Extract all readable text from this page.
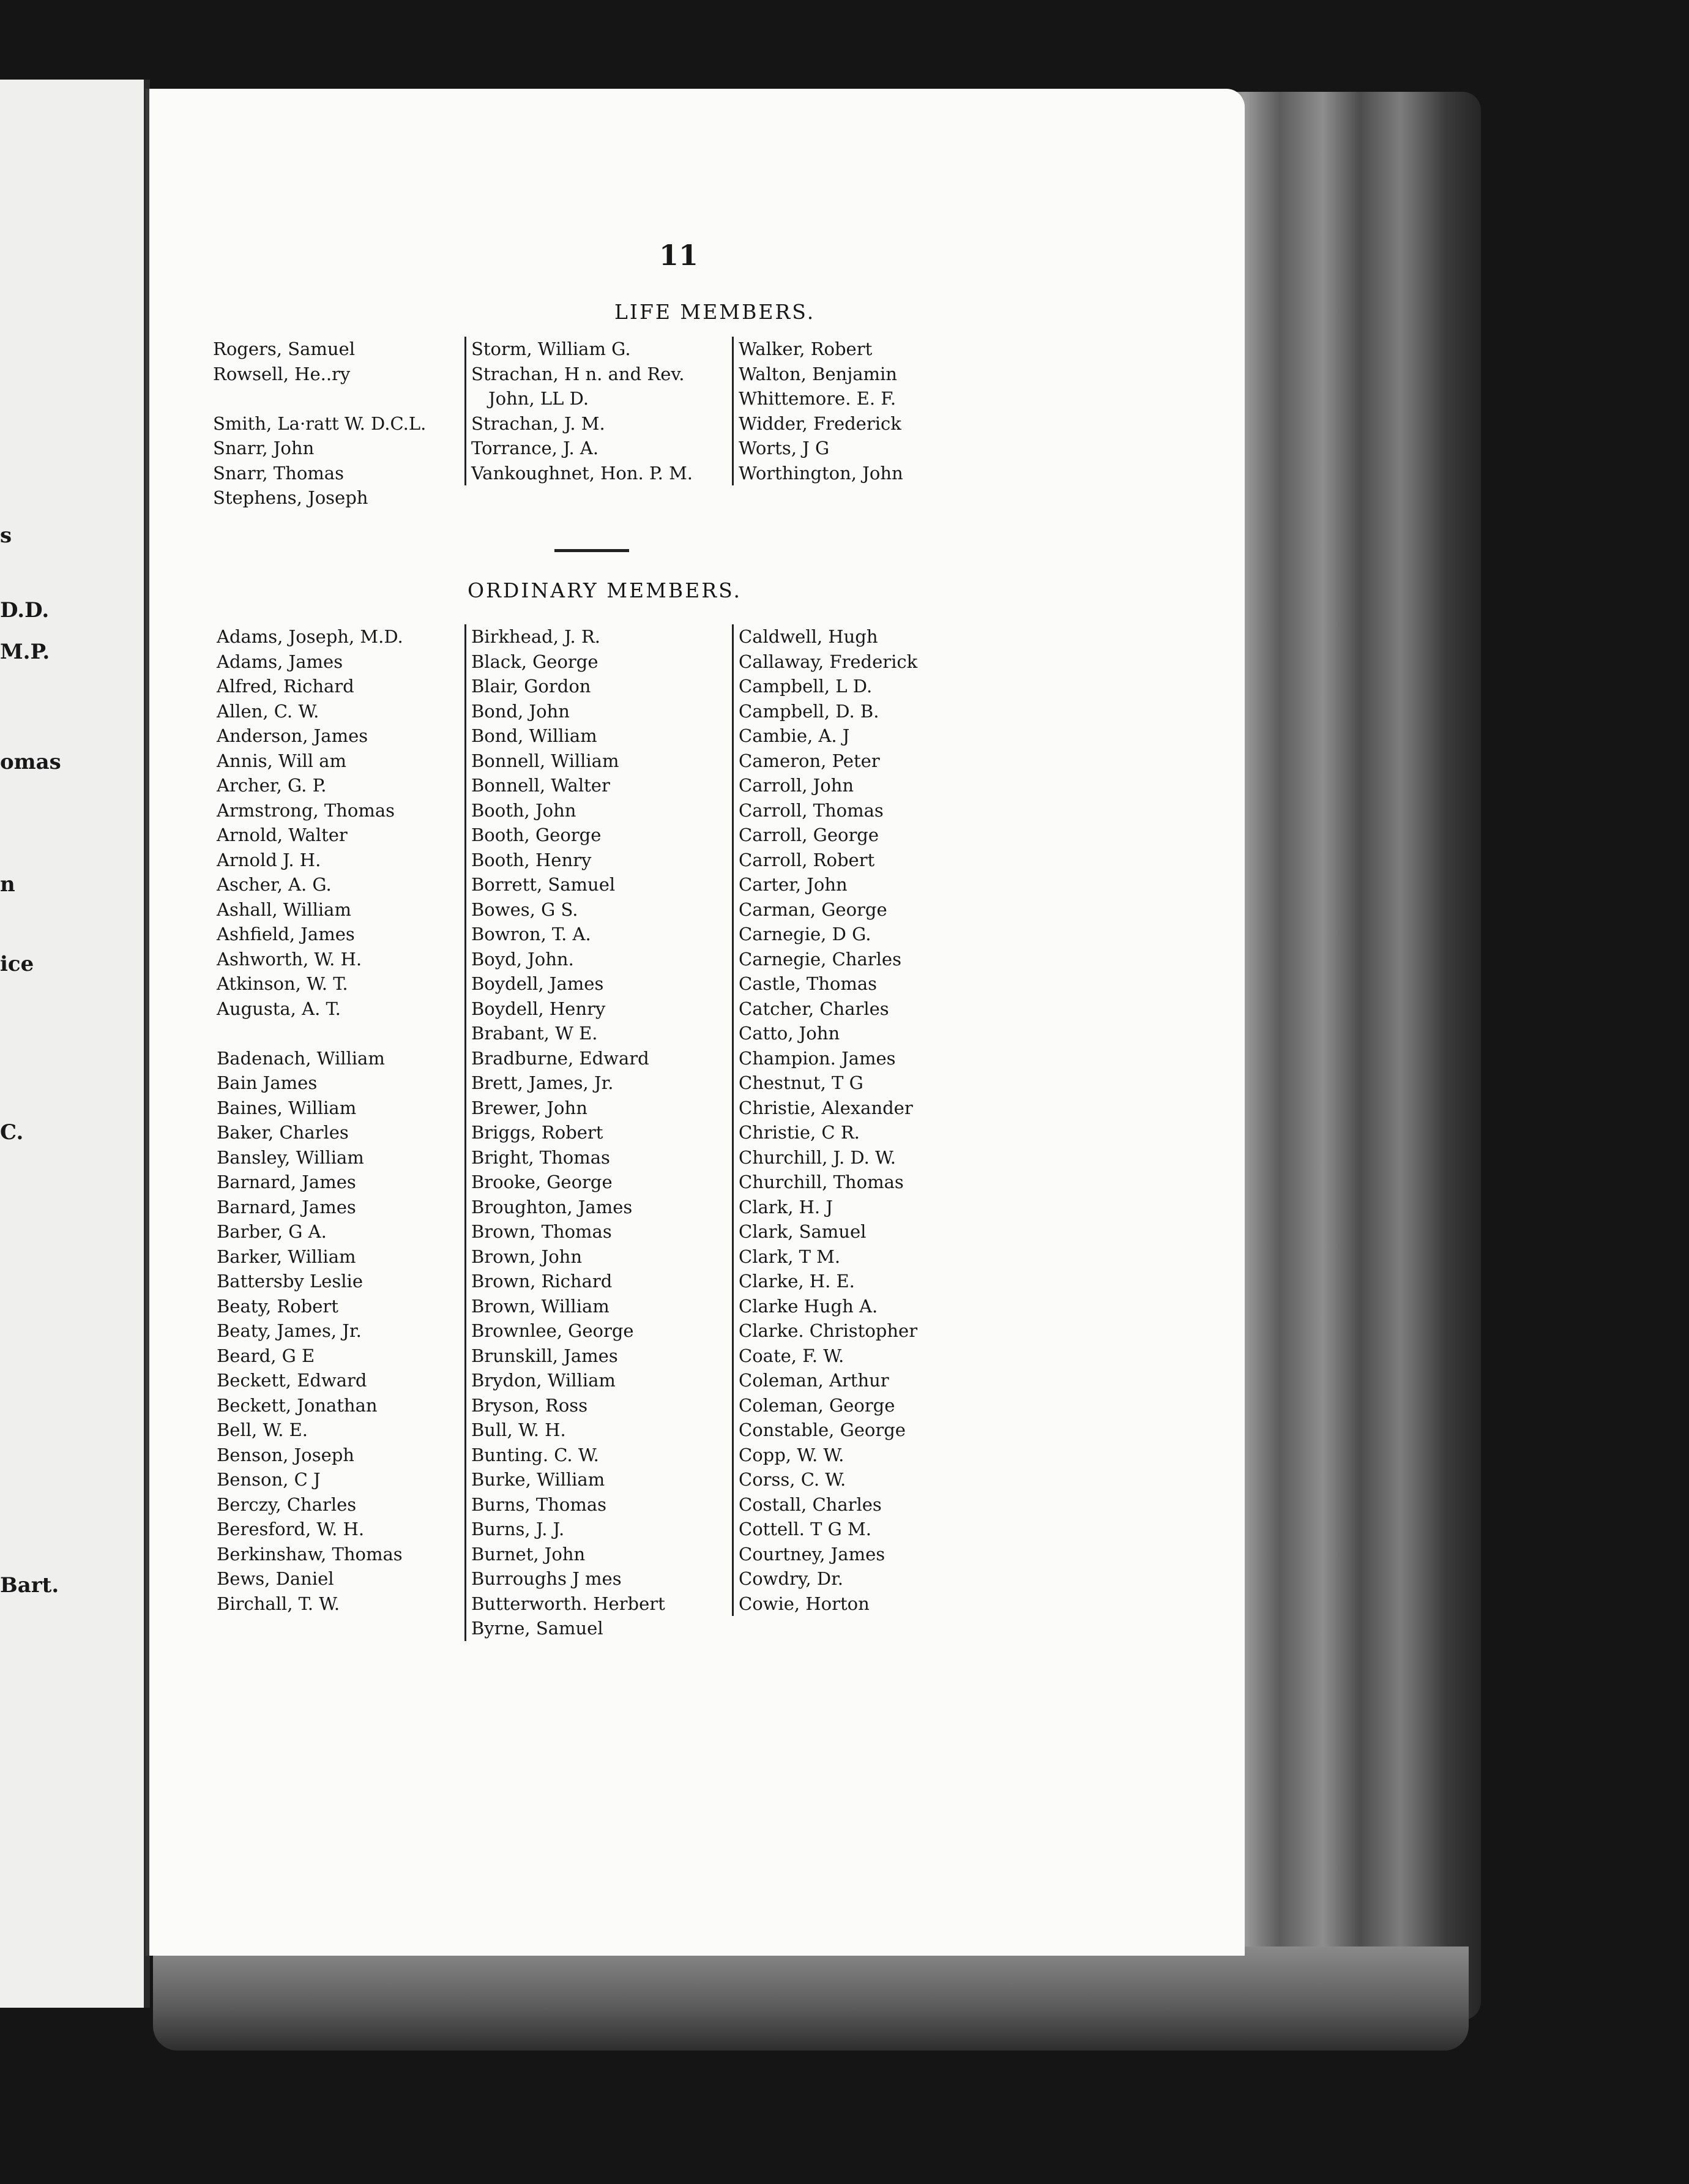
s
D.D.
M.P.
omas
n
ice
C.
Bart.
11
LIFE MEMBERS.
Rogers, Samuel
Rowsell, He..ry
Smith, La·ratt W. D.C.L.
Snarr, John
Snarr, Thomas
Stephens, Joseph
Storm, William G.
Strachan, H n. and Rev.
John, LL D.
Strachan, J. M.
Torrance, J. A.
Vankoughnet, Hon. P. M.
Walker, Robert
Walton, Benjamin
Whittemore. E. F.
Widder, Frederick
Worts, J G
Worthington, John
ORDINARY MEMBERS.
Adams, Joseph, M.D.
Adams, James
Alfred, Richard
Allen, C. W.
Anderson, James
Annis, Will am
Archer, G. P.
Armstrong, Thomas
Arnold, Walter
Arnold J. H.
Ascher, A. G.
Ashall, William
Ashfield, James
Ashworth, W. H.
Atkinson, W. T.
Augusta, A. T.
Badenach, William
Bain James
Baines, William
Baker, Charles
Bansley, William
Barnard, James
Barnard, James
Barber, G A.
Barker, William
Battersby Leslie
Beaty, Robert
Beaty, James, Jr.
Beard, G E
Beckett, Edward
Beckett, Jonathan
Bell, W. E.
Benson, Joseph
Benson, C J
Berczy, Charles
Beresford, W. H.
Berkinshaw, Thomas
Bews, Daniel
Birchall, T. W.
Birkhead, J. R.
Black, George
Blair, Gordon
Bond, John
Bond, William
Bonnell, William
Bonnell, Walter
Booth, John
Booth, George
Booth, Henry
Borrett, Samuel
Bowes, G S.
Bowron, T. A.
Boyd, John.
Boydell, James
Boydell, Henry
Brabant, W E.
Bradburne, Edward
Brett, James, Jr.
Brewer, John
Briggs, Robert
Bright, Thomas
Brooke, George
Broughton, James
Brown, Thomas
Brown, John
Brown, Richard
Brown, William
Brownlee, George
Brunskill, James
Brydon, William
Bryson, Ross
Bull, W. H.
Bunting. C. W.
Burke, William
Burns, Thomas
Burns, J. J.
Burnet, John
Burroughs J mes
Butterworth. Herbert
Byrne, Samuel
Caldwell, Hugh
Callaway, Frederick
Campbell, L D.
Campbell, D. B.
Cambie, A. J
Cameron, Peter
Carroll, John
Carroll, Thomas
Carroll, George
Carroll, Robert
Carter, John
Carman, George
Carnegie, D G.
Carnegie, Charles
Castle, Thomas
Catcher, Charles
Catto, John
Champion. James
Chestnut, T G
Christie, Alexander
Christie, C R.
Churchill, J. D. W.
Churchill, Thomas
Clark, H. J
Clark, Samuel
Clark, T M.
Clarke, H. E.
Clarke Hugh A.
Clarke. Christopher
Coate, F. W.
Coleman, Arthur
Coleman, George
Constable, George
Copp, W. W.
Corss, C. W.
Costall, Charles
Cottell. T G M.
Courtney, James
Cowdry, Dr.
Cowie, Horton
